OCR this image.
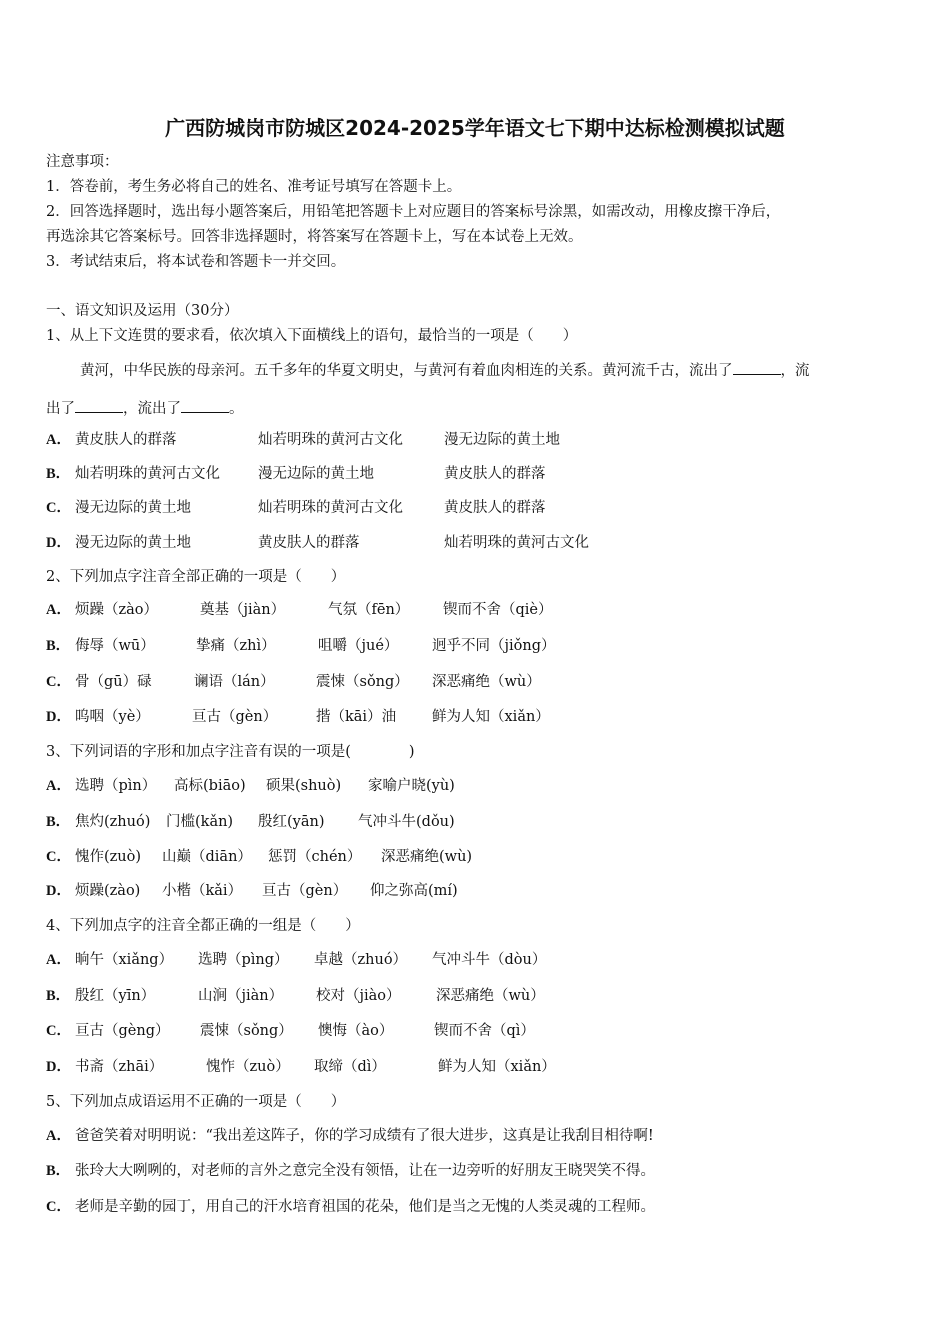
广西防城岗市防城区2024-2025学年语文七下期中达标检测模拟试题
注意事项：
1．答卷前，考生务必将自己的姓名、准考证号填写在答题卡上。
2．回答选择题时，选出每小题答案后，用铅笔把答题卡上对应题目的答案标号涂黑，如需改动，用橡皮擦干净后，
再选涂其它答案标号。回答非选择题时，将答案写在答题卡上，写在本试卷上无效。
3．考试结束后，将本试卷和答题卡一并交回。
一、语文知识及运用（30分）
1、从上下文连贯的要求看，依次填入下面横线上的语句，最恰当的一项是（　　）
黄河，中华民族的母亲河。五千多年的华夏文明史，与黄河有着血肉相连的关系。黄河流千古，流出了	，流
出了	，流出了	。
A． 黄皮肤人的群落	灿若明珠的黄河古文化	漫无边际的黄土地
B． 灿若明珠的黄河古文化	漫无边际的黄土地	黄皮肤人的群落
C． 漫无边际的黄土地	灿若明珠的黄河古文化	黄皮肤人的群落
D． 漫无边际的黄土地	黄皮肤人的群落	灿若明珠的黄河古文化
2、下列加点字注音全部正确的一项是（　　）
A． 烦躁（zào）	奠基（jiàn）	气氛（fēn） 锲而不舍（qiè）
B． 侮辱（wū）	挚痛（zhì）	咀嚼（jué） 迥乎不同（jiǒng）
C． 骨（gū）碌	谰语（lán）	震悚（sǒng） 深恶痛绝（wù）
D． 呜咽（yè）	亘古（gèn）	揩（kāi）油 鲜为人知（xiǎn）
3、下列词语的字形和加点字注音有误的一项是(　　　　)
A． 选聘（pìn） 高标(biāo) 硕果(shuò) 家喻户晓(yù)
B． 焦灼(zhuó) 门槛(kǎn) 殷红(yān) 气冲斗牛(dǒu)
C． 愧作(zuò) 山巅（diān） 惩罚（chén） 深恶痛绝(wù)
D． 烦躁(zào) 小楷（kǎi） 亘古（gèn） 仰之弥高(mí)
4、下列加点字的注音全都正确的一组是（　　）
A． 晌午（xiǎng） 选聘（pìng） 卓越（zhuó） 气冲斗牛（dòu）
B． 殷红（yīn）	山涧（jiàn） 校对（jiào） 深恶痛绝（wù）
C． 亘古（gèng） 震悚（sǒng） 懊悔（ào）	锲而不舍（qì）
D． 书斋（zhāi）	愧怍（zuò） 取缔（dì）	鲜为人知（xiǎn）
5、下列加点成语运用不正确的一项是（　　）
A． 爸爸笑着对明明说：“我出差这阵子，你的学习成绩有了很大进步，这真是让我刮目相待啊!
B． 张玲大大咧咧的，对老师的言外之意完全没有领悟，让在一边旁听的好朋友王晓哭笑不得。
C． 老师是辛勤的园丁，用自己的汗水培育祖国的花朵，他们是当之无愧的人类灵魂的工程师。
